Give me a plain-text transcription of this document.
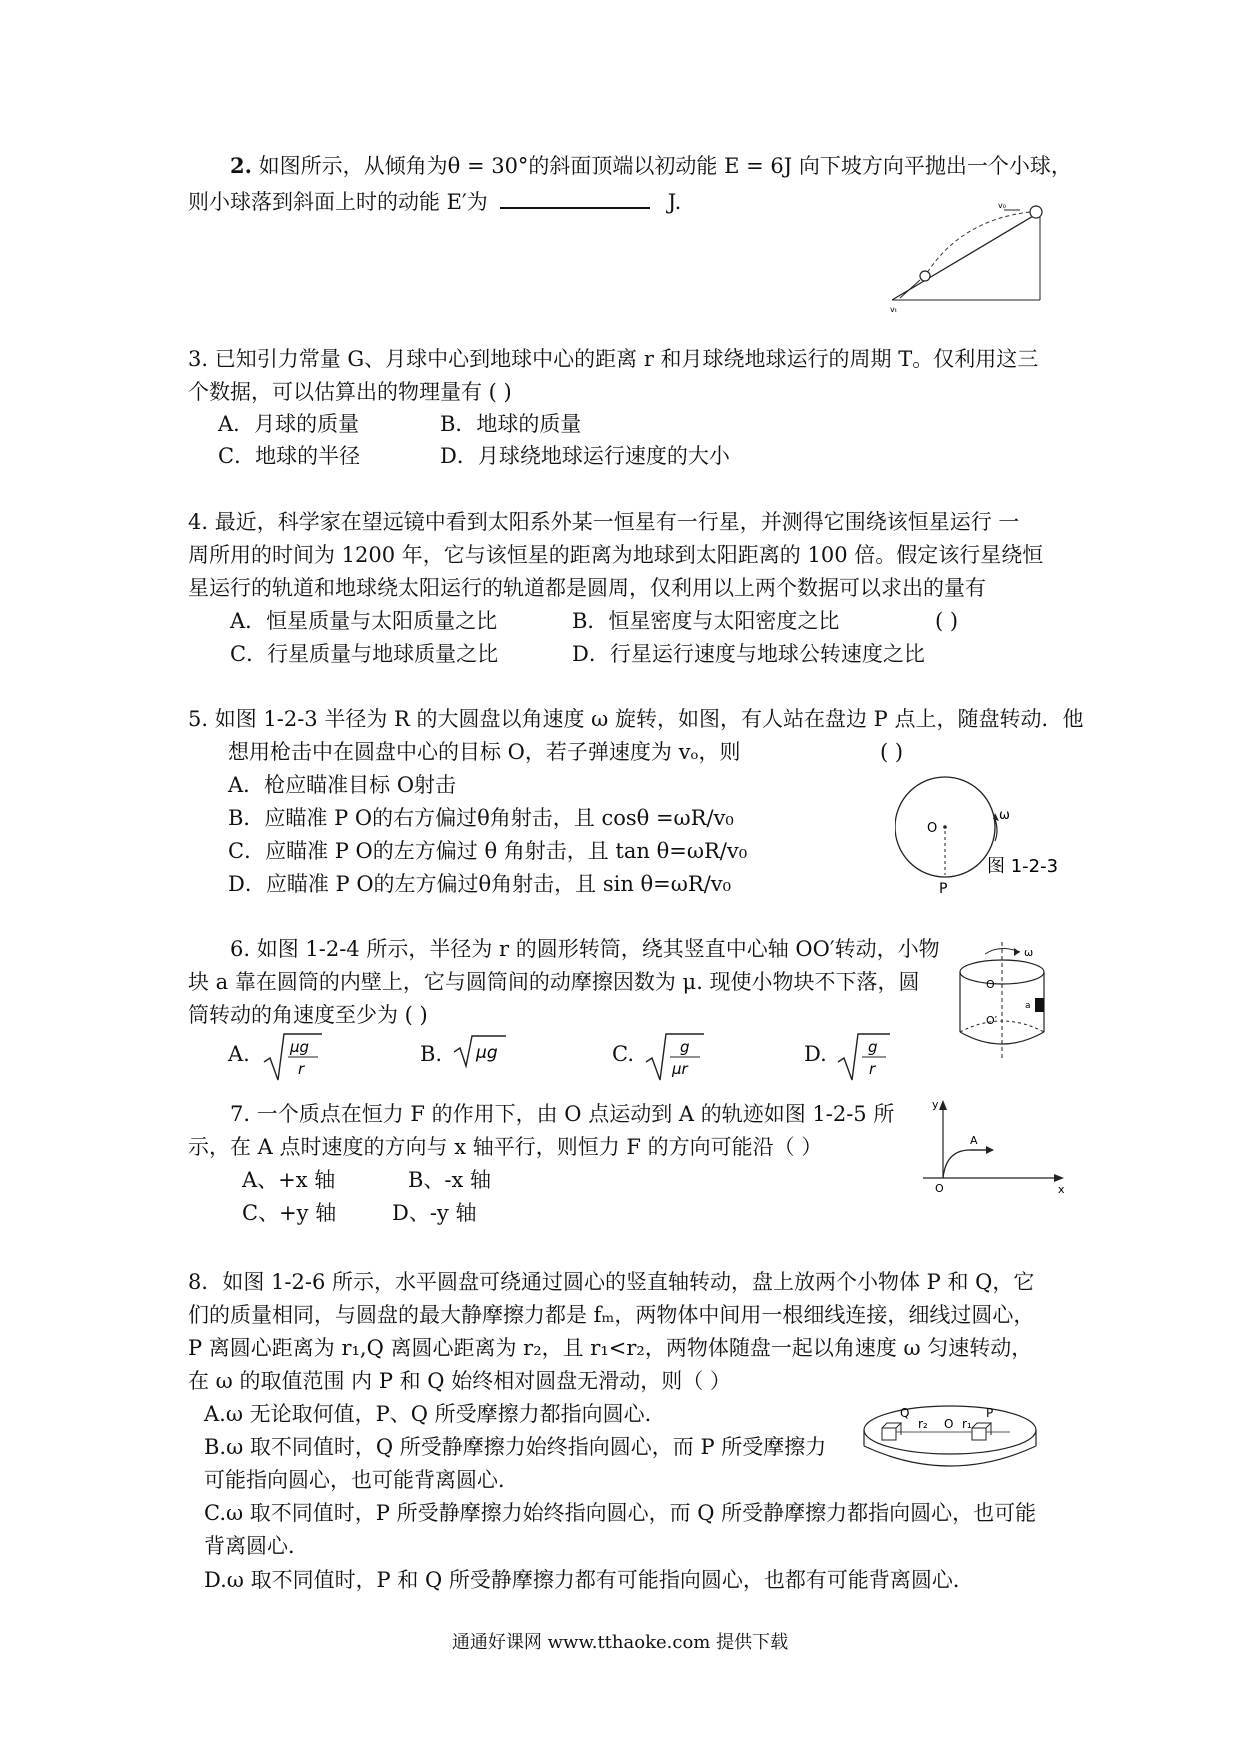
2. 如图所示，从倾角为θ = 30°的斜面顶端以初动能 E = 6J 向下坡方向平抛出一个小球，
则小球落到斜面上时的动能 E′为	J.	v₀
vₜ
3. 已知引力常量 G、月球中心到地球中心的距离 r 和月球绕地球运行的周期 T。仅利用这三
个数据，可以估算出的物理量有 ( )
A．月球的质量	B．地球的质量
C．地球的半径	D．月球绕地球运行速度的大小
4. 最近，科学家在望远镜中看到太阳系外某一恒星有一行星，并测得它围绕该恒星运行 一
周所用的时间为 1200 年，它与该恒星的距离为地球到太阳距离的 100 倍。假定该行星绕恒
星运行的轨道和地球绕太阳运行的轨道都是圆周，仅利用以上两个数据可以求出的量有
A．恒星质量与太阳质量之比	B．恒星密度与太阳密度之比	( )
C．行星质量与地球质量之比	D．行星运行速度与地球公转速度之比
5. 如图 1-2-3 半径为 R 的大圆盘以角速度 ω 旋转，如图，有人站在盘边 P 点上，随盘转动．他
想用枪击中在圆盘中心的目标 O，若子弹速度为 vₒ，则	( )
A．枪应瞄准目标 O射击
B．应瞄准 P O的右方偏过θ角射击，且 cosθ =ωR/v₀
C．应瞄准 P O的左方偏过 θ 角射击，且 tan θ=ωR/v₀
D．应瞄准 P O的左方偏过θ角射击，且 sin θ=ωR/v₀
O
P
ω
图 1-2-3
6. 如图 1-2-4 所示，半径为 r 的圆形转筒，绕其竖直中心轴 OO′转动，小物
块 a 靠在圆筒的内壁上，它与圆筒间的动摩擦因数为 μ. 现使小物块不下落，圆
筒转动的角速度至少为 ( )
A.	μg
r
B. μg	C.	g
μr
D.	g
r
ω
O
O′
a
7. 一个质点在恒力 F 的作用下，由 O 点运动到 A 的轨迹如图 1-2-5 所
示，在 A 点时速度的方向与 x 轴平行，则恒力 F 的方向可能沿（ ）
A、+x 轴	B、-x 轴
C、+y 轴	D、-y 轴
y
x
O
A
8．如图 1-2-6 所示，水平圆盘可绕通过圆心的竖直轴转动，盘上放两个小物体 P 和 Q，它
们的质量相同，与圆盘的最大静摩擦力都是 fₘ，两物体中间用一根细线连接，细线过圆心，
P 离圆心距离为 r₁,Q 离圆心距离为 r₂，且 r₁<r₂，两物体随盘一起以角速度 ω 匀速转动，
在 ω 的取值范围 内 P 和 Q 始终相对圆盘无滑动，则（ ）
A.ω 无论取何值，P、Q 所受摩擦力都指向圆心．
B.ω 取不同值时，Q 所受静摩擦力始终指向圆心，而 P 所受摩擦力
可能指向圆心，也可能背离圆心．
C.ω 取不同值时，P 所受静摩擦力始终指向圆心，而 Q 所受静摩擦力都指向圆心，也可能
背离圆心．
D.ω 取不同值时，P 和 Q 所受静摩擦力都有可能指向圆心，也都有可能背离圆心．
Q
r₂ O r₁
P
通通好课网 www.tthaoke.com 提供下载
